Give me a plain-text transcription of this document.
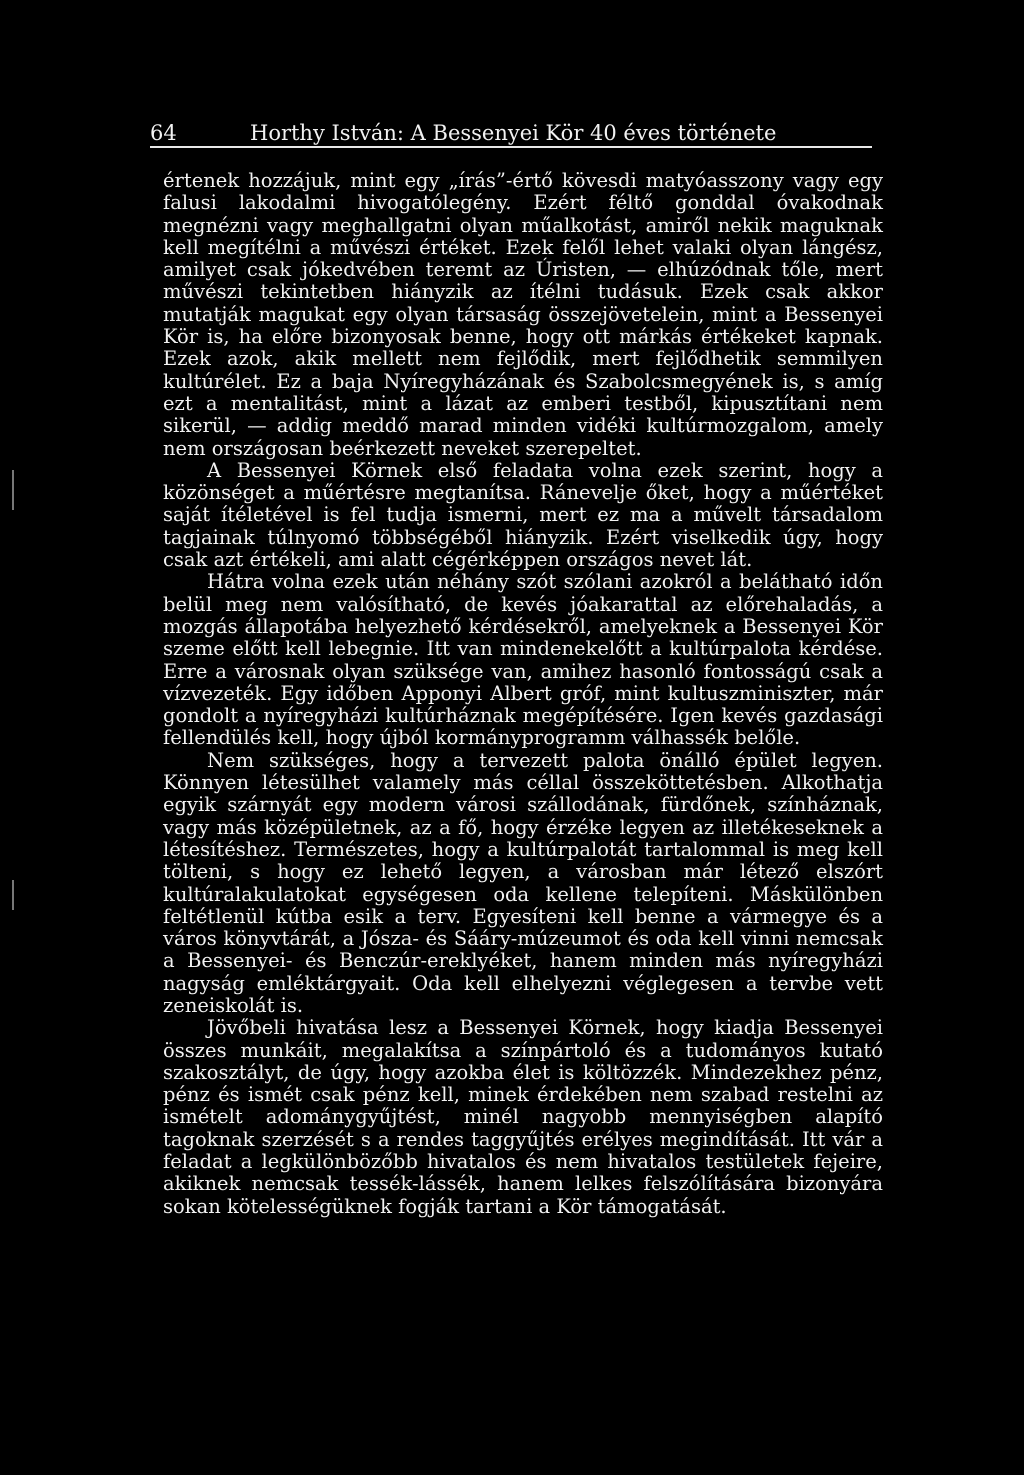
64	Horthy István: A Bessenyei Kör 40 éves története

értenek hozzájuk, mint egy „írás”-értő kövesdi matyóasszony vagy egy falusi lakodalmi hivogatólegény. Ezért féltő gonddal óvakodnak megnézni vagy meghallgatni olyan műalkotást, amiről nekik maguknak kell megítélni a művészi értéket. Ezek felől lehet valaki olyan lángész, amilyet csak jókedvében teremt az Úristen, — elhúzódnak tőle, mert művészi tekintetben hiányzik az ítélni tudásuk. Ezek csak akkor mutatják magukat egy olyan társaság összejövetelein, mint a Bessenyei Kör is, ha előre bizonyosak benne, hogy ott márkás értékeket kapnak. Ezek azok, akik mellett nem fejlődik, mert fejlődhetik semmilyen kultúrélet. Ez a baja Nyíregyházának és Szabolcsmegyének is, s amíg ezt a mentalitást, mint a lázat az emberi testből, kipusztítani nem sikerül, — addig meddő marad minden vidéki kultúrmozgalom, amely nem országosan beérkezett neveket szerepeltet.

A Bessenyei Körnek első feladata volna ezek szerint, hogy a közönséget a műértésre megtanítsa. Ránevelje őket, hogy a műértéket saját ítéletével is fel tudja ismerni, mert ez ma a művelt társadalom tagjainak túlnyomó többségéből hiányzik. Ezért viselkedik úgy, hogy csak azt értékeli, ami alatt cégérképpen országos nevet lát.

Hátra volna ezek után néhány szót szólani azokról a belátható időn belül meg nem valósítható, de kevés jóakarattal az előrehaladás, a mozgás állapotába helyezhető kérdésekről, amelyeknek a Bessenyei Kör szeme előtt kell lebegnie. Itt van mindenekelőtt a kultúrpalota kérdése. Erre a városnak olyan szüksége van, amihez hasonló fontosságú csak a vízvezeték. Egy időben Apponyi Albert gróf, mint kultuszminiszter, már gondolt a nyíregyházi kultúrháznak megépítésére. Igen kevés gazdasági fellendülés kell, hogy újból kormányprogramm válhassék belőle.

Nem szükséges, hogy a tervezett palota önálló épület legyen. Könnyen létesülhet valamely más céllal összeköttetésben. Alkothatja egyik szárnyát egy modern városi szállodának, fürdőnek, színháznak, vagy más középületnek, az a fő, hogy érzéke legyen az illetékeseknek a létesítéshez. Természetes, hogy a kultúrpalotát tartalommal is meg kell tölteni, s hogy ez lehető legyen, a városban már létező elszórt kultúralakulatokat egységesen oda kellene telepíteni. Máskülönben feltétlenül kútba esik a terv. Egyesíteni kell benne a vármegye és a város könyvtárát, a Jósza- és Sááry-múzeumot és oda kell vinni nemcsak a Bessenyei- és Benczúr-ereklyéket, hanem minden más nyíregyházi nagyság emléktárgyait. Oda kell elhelyezni véglegesen a tervbe vett zeneiskolát is.

Jövőbeli hivatása lesz a Bessenyei Körnek, hogy kiadja Bessenyei összes munkáit, megalakítsa a színpártoló és a tudományos kutató szakosztályt, de úgy, hogy azokba élet is költözzék. Mindezekhez pénz, pénz és ismét csak pénz kell, minek érdekében nem szabad restelni az ismételt adománygyűjtést, minél nagyobb mennyiségben alapító tagoknak szerzését s a rendes taggyűjtés erélyes megindítását. Itt vár a feladat a legkülönbözőbb hivatalos és nem hivatalos testületek fejeire, akiknek nemcsak tessék-lássék, hanem lelkes felszólítására bizonyára sokan kötelességüknek fogják tartani a Kör támogatását.
